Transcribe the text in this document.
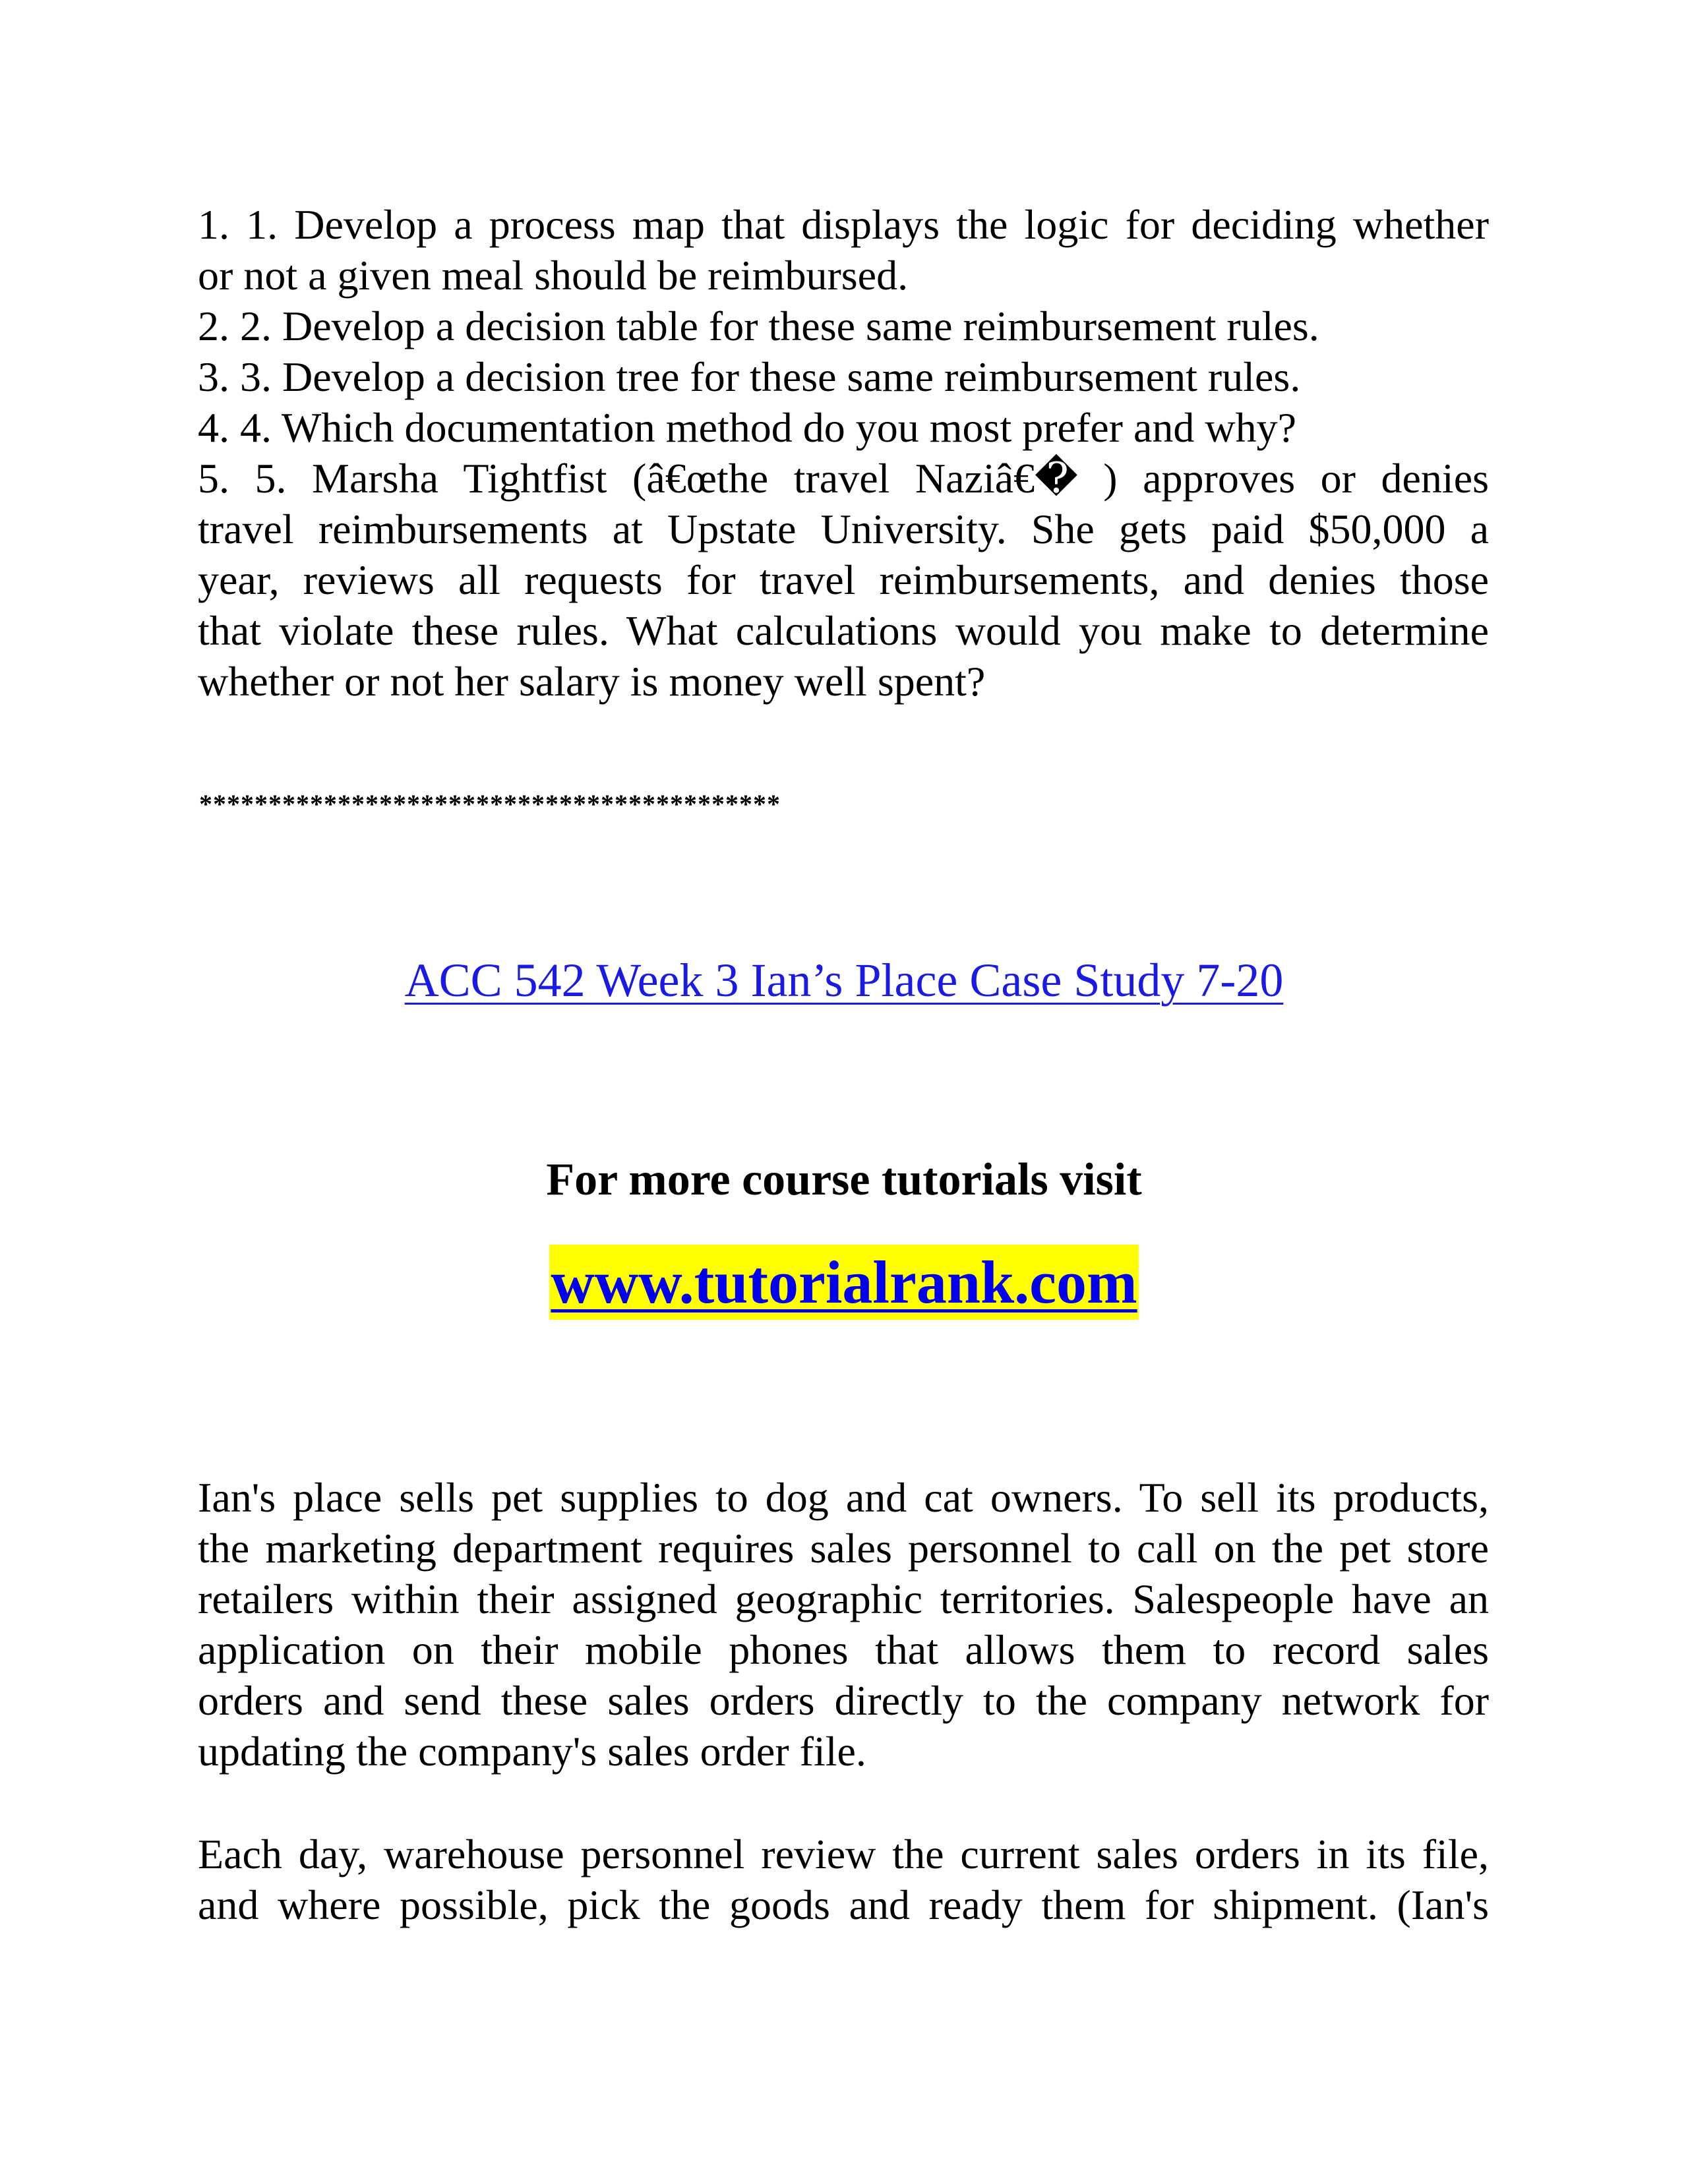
1. 1. Develop a process map that displays the logic for deciding whether
or not a given meal should be reimbursed.
2. 2. Develop a decision table for these same reimbursement rules.
3. 3. Develop a decision tree for these same reimbursement rules.
4. 4. Which documentation method do you most prefer and why?
5. 5. Marsha Tightfist (â€œthe travel Naziâ€� ) approves or denies
travel reimbursements at Upstate University. She gets paid $50,000 a
year, reviews all requests for travel reimbursements, and denies those
that violate these rules. What calculations would you make to determine
whether or not her salary is money well spent?
******************************************
ACC 542 Week 3 Ian’s Place Case Study 7-20
For more course tutorials visit
www.tutorialrank.com
Ian's place sells pet supplies to dog and cat owners. To sell its products,
the marketing department requires sales personnel to call on the pet store
retailers within their assigned geographic territories. Salespeople have an
application on their mobile phones that allows them to record sales
orders and send these sales orders directly to the company network for
updating the company's sales order file.
Each day, warehouse personnel review the current sales orders in its file,
and where possible, pick the goods and ready them for shipment. (Ian's
